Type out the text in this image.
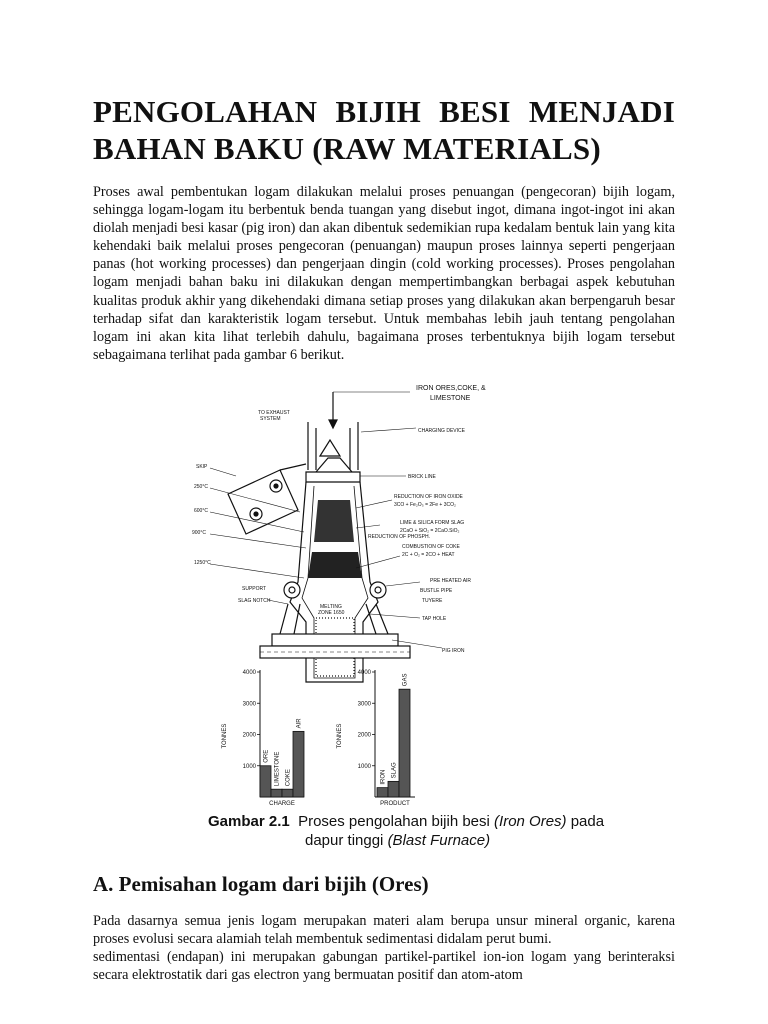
PENGOLAHAN BIJIH BESI MENJADI BAHAN BAKU (RAW MATERIALS)

Proses awal pembentukan logam dilakukan melalui proses penuangan (pengecoran) bijih logam, sehingga logam-logam itu berbentuk benda tuangan yang disebut ingot, dimana ingot-ingot ini akan diolah menjadi besi kasar (pig iron) dan akan dibentuk sedemikian rupa kedalam bentuk lain yang kita kehendaki baik melalui proses pengecoran (penuangan) maupun proses lainnya seperti pengerjaan panas (hot working processes) dan pengerjaan dingin (cold working processes). Proses pengolahan logam menjadi bahan baku ini dilakukan dengan mempertimbangkan berbagai aspek kebutuhan kualitas produk akhir yang dikehendaki dimana setiap proses yang dilakukan akan berpengaruh besar terhadap sifat dan karakteristik logam tersebut. Untuk membahas lebih jauh tentang pengolahan logam ini akan kita lihat terlebih dahulu, bagaimana proses terbentuknya bijih logam tersebut sebagaimana terlihat pada gambar 6 berikut.

IRON ORES,COKE, &
LIMESTONE
TO EXHAUST
SYSTEM
CHARGING DEVICE
SKIP
250°C
600°C
900°C
1250°C
BRICK LINE
REDUCTION OF IRON OXIDE
3CO + Fe₂O₃ = 2Fe + 3CO₂
LIME & SILICA FORM SLAG
2CaO + SiO₂ = 2CaO.SiO₂
REDUCTION OF PHOSPH.
COMBUSTION OF COKE
2C + O₂ = 2CO + HEAT
PRE HEATED AIR
BUSTLE PIPE
TUYERE
SUPPORT
SLAG NOTCH
MELTING
ZONE 1650
TAP HOLE
PIG IRON
1000
2000
3000
4000
TONNES
CHARGE
ORE LIMESTONE COKE
AIR
1000
2000
3000
4000
TONNES
PRODUCT
IRON SLAG
GAS
Gambar 2.1 Proses pengolahan bijih besi (Iron Ores) pada
dapur tinggi (Blast Furnace)
A. Pemisahan logam dari bijih (Ores)

Pada dasarnya semua jenis logam merupakan materi alam berupa unsur mineral organic, karena proses evolusi secara alamiah telah membentuk sedimentasi didalam perut bumi.

sedimentasi (endapan) ini merupakan gabungan partikel-partikel ion-ion logam yang berinteraksi secara elektrostatik dari gas electron yang bermuatan positif dan atom-atom
